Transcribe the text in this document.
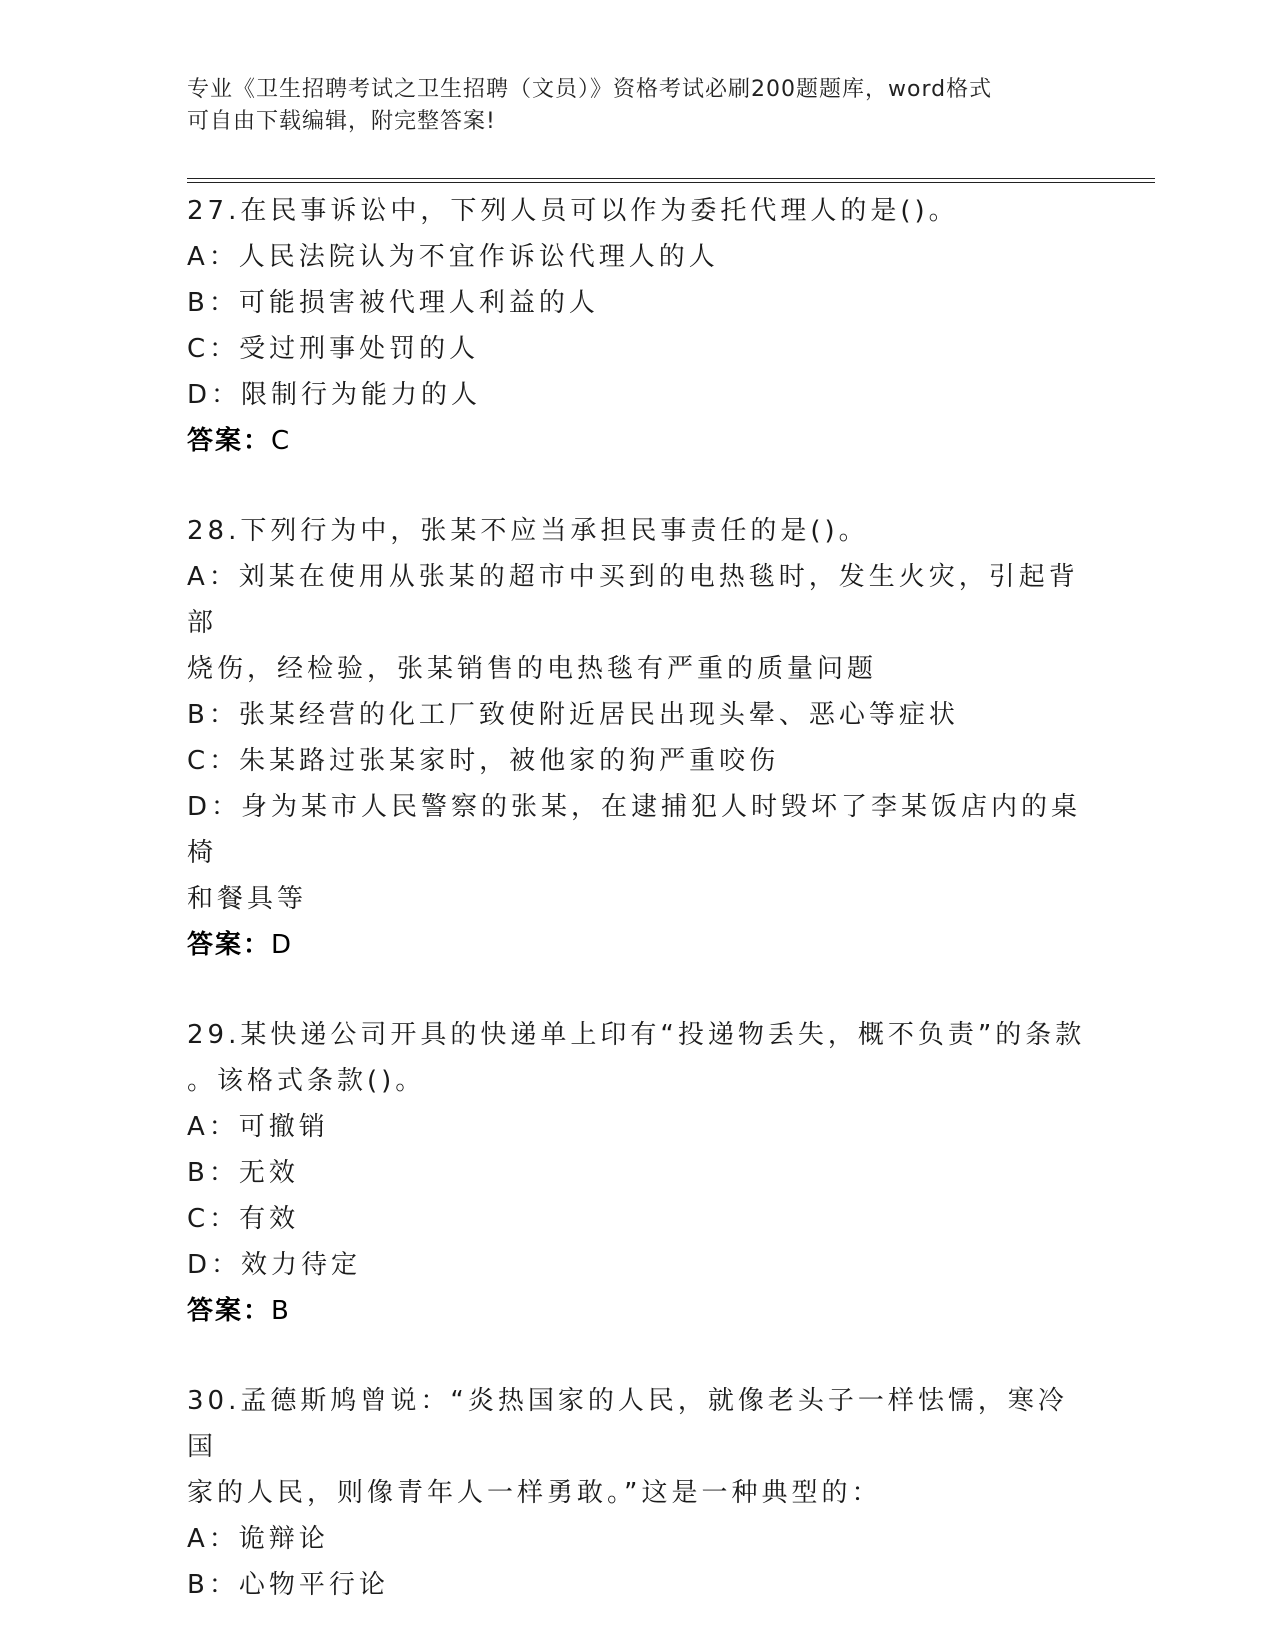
专业《卫生招聘考试之卫生招聘（文员）》资格考试必刷200题题库，word格式
可自由下载编辑，附完整答案!
27.在民事诉讼中，下列人员可以作为委托代理人的是()。
A：人民法院认为不宜作诉讼代理人的人
B：可能损害被代理人利益的人
C：受过刑事处罚的人
D：限制行为能力的人
答案：C
28.下列行为中，张某不应当承担民事责任的是()。
A：刘某在使用从张某的超市中买到的电热毯时，发生火灾，引起背部
烧伤，经检验，张某销售的电热毯有严重的质量问题
B：张某经营的化工厂致使附近居民出现头晕、恶心等症状
C：朱某路过张某家时，被他家的狗严重咬伤
D：身为某市人民警察的张某，在逮捕犯人时毁坏了李某饭店内的桌椅
和餐具等
答案：D
29.某快递公司开具的快递单上印有“投递物丢失，概不负责”的条款
。该格式条款()。
A：可撤销
B：无效
C：有效
D：效力待定
答案：B
30.孟德斯鸠曾说：“炎热国家的人民，就像老头子一样怯懦，寒冷国
家的人民，则像青年人一样勇敢。”这是一种典型的：
A：诡辩论
B：心物平行论
